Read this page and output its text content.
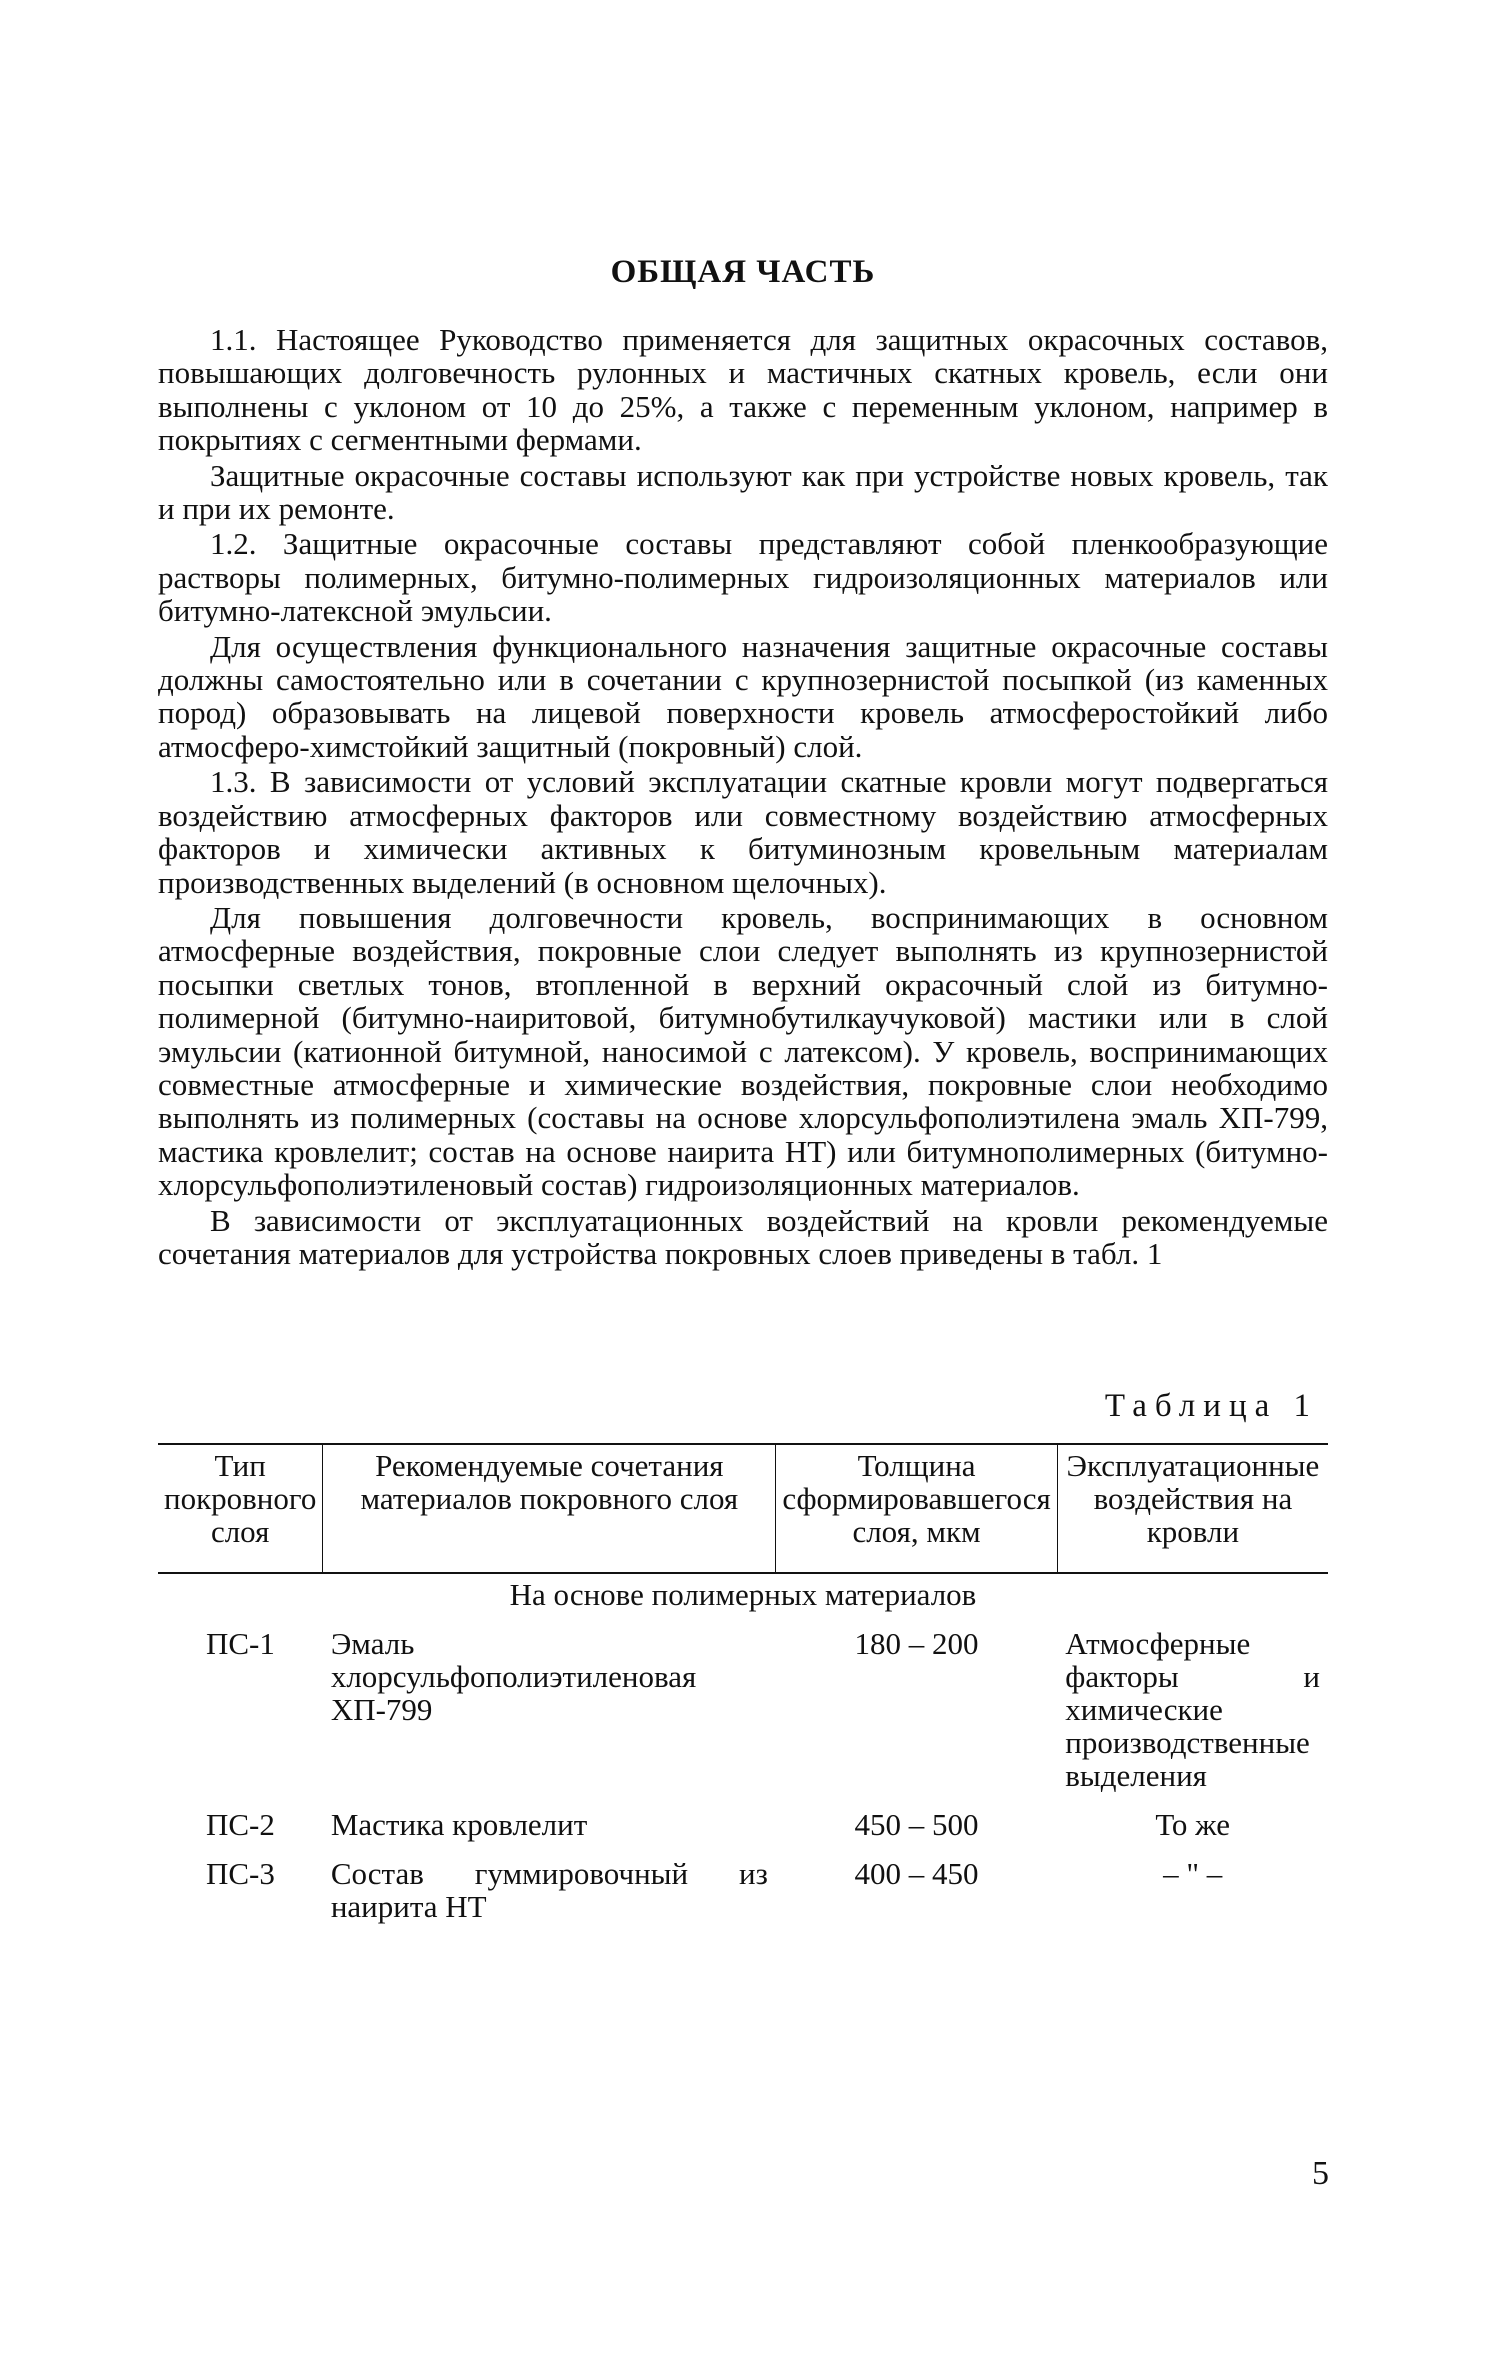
ОБЩАЯ ЧАСТЬ

1.1. Настоящее Руководство применяется для защитных окрасочных составов, повышающих долговечность рулонных и мастичных скатных кровель, если они выполнены с уклоном от 10 до 25%, а также с переменным уклоном, например в покрытиях с сегментными фермами.

Защитные окрасочные составы используют как при устройстве новых кровель, так и при их ремонте.

1.2. Защитные окрасочные составы представляют собой пленкообразующие растворы полимерных, битумно-полимерных гидроизоляционных материалов или битумно-латексной эмульсии.

Для осуществления функционального назначения защитные окрасочные составы должны самостоятельно или в сочетании с крупнозернистой посыпкой (из каменных пород) образовывать на лицевой поверхности кровель атмосферостойкий либо атмосферо-химстойкий защитный (покровный) слой.

1.3. В зависимости от условий эксплуатации скатные кровли могут подвергаться воздействию атмосферных факторов или совместному воздействию атмосферных факторов и химически активных к битуминозным кровельным материалам производственных выделений (в основном щелочных).

Для повышения долговечности кровель, воспринимающих в основном атмосферные воздействия, покровные слои следует выполнять из крупнозернистой посыпки светлых тонов, втопленной в верхний окрасочный слой из битумно-полимерной (битумно-наиритовой, битумнобутилкаучуковой) мастики или в слой эмульсии (катионной битумной, наносимой с латексом). У кровель, воспринимающих совместные атмосферные и химические воздействия, покровные слои необходимо выполнять из полимерных (составы на основе хлорсульфополиэтилена эмаль ХП-799, мастика кровлелит; состав на основе наирита НТ) или битумнополимерных (битумно-хлорсульфополиэтиленовый состав) гидроизоляционных материалов.

В зависимости от эксплуатационных воздействий на кровли рекомендуемые сочетания материалов для устройства покровных слоев приведены в табл. 1

Таблица 1
Тип покровного слоя	Рекомендуемые сочетания материалов покровного слоя	Толщина сформировавшегося слоя, мкм	Эксплуатационные воздействия на кровли
На основе полимерных материалов			
ПС-1	Эмаль хлорсульфополиэтиленовая ХП-799	180 – 200	Атмосферные факторы и химические производственные выделения
ПС-2	Мастика кровлелит	450 – 500	То же
ПС-3	Состав гуммировочный из наирита НТ	400 – 450	– " –
5
